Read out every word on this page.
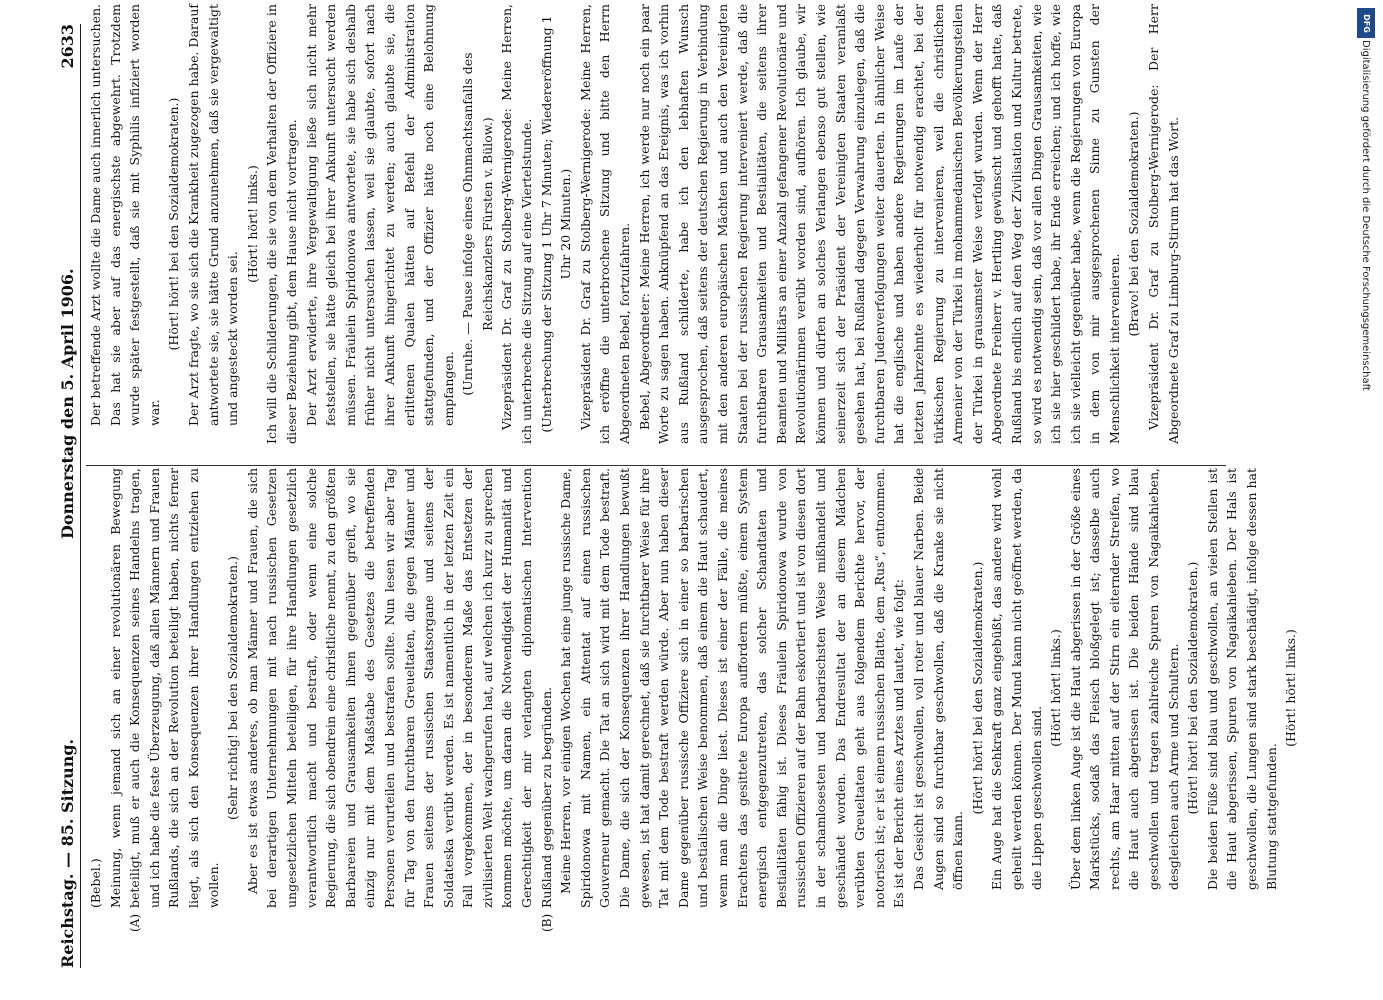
Reichstag. — 85. Sitzung.
Donnerstag den 5. April 1906.
2633
(A)	(B)

(Bebel.) Meinung, wenn jemand sich an einer revolutionären Bewegung beteiligt, muß er auch die Konsequenzen seines Handelns tragen, und ich habe die feste Überzeugung, daß allen Männern und Frauen Rußlands, die sich an der Revolution beteiligt haben, nichts ferner liegt, als sich den Konsequenzen ihrer Handlungen entziehen zu wollen.

(Sehr richtig! bei den Sozialdemokraten.) Aber es ist etwas anderes, ob man Männer und Frauen, die sich bei derartigen Unternehmungen mit nach russischen Gesetzen ungesetzlichen Mitteln beteiligen, für ihre Handlungen gesetzlich verantwortlich macht und bestraft, oder wenn eine solche Regierung, die sich obendrein eine christliche nennt, zu den größten Barbareien und Grausamkeiten ihnen gegenüber greift, wo sie einzig nur mit dem Maßstabe des Gesetzes die betreffenden Personen verurteilen und bestrafen sollte. Nun lesen wir aber Tag für Tag von den furchtbaren Greueltaten, die gegen Männer und Frauen seitens der russischen Staatsorgane und seitens der Soldateska verübt werden. Es ist namentlich in der letzten Zeit ein Fall vorgekommen, der in besonderem Maße das Entsetzen der zivilisierten Welt wachgerufen hat, auf welchen ich kurz zu sprechen kommen möchte, um daran die Notwendigkeit der Humanität und Gerechtigkeit der mir verlangten diplomatischen Intervention Rußland gegenüber zu begründen. Meine Herren, vor einigen Wochen hat eine junge russische Dame, Spiridonowa mit Namen, ein Attentat auf einen russischen Gouverneur gemacht. Die Tat an sich wird mit dem Tode bestraft. Die Dame, die sich der Konsequenzen ihrer Handlungen bewußt gewesen, ist hat damit gerechnet, daß sie furchtbarer Weise für ihre Tat mit dem Tode bestraft werden würde. Aber nun haben dieser Dame gegenüber russische Offiziere sich in einer so barbarischen und bestialischen Weise benommen, daß einem die Haut schaudert, wenn man die Dinge liest. Dieses ist einer der Fälle, die meines Erachtens das gesittete Europa auffordern müßte, einem System energisch entgegenzutreten, das solcher Schandtaten und Bestialitäten fähig ist. Dieses Fräulein Spiridonowa wurde von russischen Offizieren auf der Bahn eskortiert und ist von diesen dort in der schamlosesten und barbarischsten Weise mißhandelt und geschändet worden. Das Endresultat der an diesem Mädchen verübten Greueltaten geht aus folgendem Berichte hervor, der notorisch ist; er ist einem russischen Blatte, dem „Rus“, entnommen. Es ist der Bericht eines Arztes und lautet, wie folgt: Das Gesicht ist geschwollen, voll roter und blauer Narben. Beide Augen sind so furchtbar geschwollen, daß die Kranke sie nicht öffnen kann.

(Hört! hört! bei den Sozialdemokraten.) Ein Auge hat die Sehkraft ganz eingebüßt, das andere wird wohl geheilt werden können. Der Mund kann nicht geöffnet werden, da die Lippen geschwollen sind.

(Hört! hört! links.) Über dem linken Auge ist die Haut abgerissen in der Größe eines Markstücks, sodaß das Fleisch bloßgelegt ist; dasselbe auch rechts, am Haar mitten auf der Stirn ein eiternder Streifen, wo die Haut auch abgerissen ist. Die beiden Hände sind blau geschwollen und tragen zahlreiche Spuren von Nagaikahieben, desgleichen auch Arme und Schultern. (Hört! hört! bei den Sozialdemokraten.) Die beiden Füße sind blau und geschwollen, an vielen Stellen ist die Haut abgerissen, Spuren von Nagaikahieben. Der Hals ist geschwollen, die Lungen sind stark beschädigt, infolge dessen hat Blutung stattgefunden.

(Hört! hört! links.)

Der betreffende Arzt wollte die Dame auch innerlich untersuchen. Das hat sie aber auf das energischste abgewehrt. Trotzdem wurde später festgestellt, daß sie mit Syphilis infiziert worden war.

(Hört! hört! bei den Sozialdemokraten.) Der Arzt fragte, wo sie sich die Krankheit zugezogen habe. Darauf antwortete sie, sie hätte Grund anzunehmen, daß sie vergewaltigt und angesteckt worden sei.

(Hört! hört! links.) Ich will die Schilderungen, die sie von dem Verhalten der Offiziere in dieser Beziehung gibt, dem Hause nicht vortragen. Der Arzt erwiderte, ihre Vergewaltigung ließe sich nicht mehr feststellen, sie hätte gleich bei ihrer Ankunft untersucht werden müssen. Fräulein Spiridonowa antwortete, sie habe sich deshalb früher nicht untersuchen lassen, weil sie glaubte, sofort nach ihrer Ankunft hingerichtet zu werden; auch glaubte sie, die erlittenen Qualen hätten auf Befehl der Administration stattgefunden, und der Offizier hätte noch eine Belohnung empfangen. (Unruhe. — Pause infolge eines Ohnmachtsanfalls des Reichskanzlers Fürsten v. Bülow.) Vizepräsident Dr. Graf zu Stolberg-Wernigerode: Meine Herren, ich unterbreche die Sitzung auf eine Viertelstunde. (Unterbrechung der Sitzung 1 Uhr 7 Minuten; Wiedereröffnung 1 Uhr 20 Minuten.) Vizepräsident Dr. Graf zu Stolberg-Wernigerode: Meine Herren, ich eröffne die unterbrochene Sitzung und bitte den Herrn Abgeordneten Bebel, fortzufahren. Bebel, Abgeordneter: Meine Herren, ich werde nur noch ein paar Worte zu sagen haben. Anknüpfend an das Ereignis, was ich vorhin aus Rußland schilderte, habe ich den lebhaften Wunsch ausgesprochen, daß seitens der deutschen Regierung in Verbindung mit den anderen europäischen Mächten und auch den Vereinigten Staaten bei der russischen Regierung interveniert werde, daß die furchtbaren Grausamkeiten und Bestialitäten, die seitens ihrer Beamten und Militärs an einer Anzahl gefangener Revolutionäre und Revolutionärinnen verübt worden sind, aufhören. Ich glaube, wir können und dürfen an solches Verlangen ebenso gut stellen, wie seinerzeit sich der Präsident der Vereinigten Staaten veranlaßt gesehen hat, bei Rußland dagegen Verwahrung einzulegen, daß die furchtbaren Judenverfolgungen weiter dauerten. In ähnlicher Weise hat die englische und haben andere Regierungen im Laufe der letzten Jahrzehnte es wiederholt für notwendig erachtet, bei der türkischen Regierung zu intervenieren, weil die christlichen Armenier von der Türkei in mohammedanischen Bevölkerungsteilen der Türkei in grausamster Weise verfolgt wurden. Wenn der Herr Abgeordnete Freiherr v. Hertling gewünscht und gehofft hatte, daß Rußland bis endlich auf den Weg der Zivilisation und Kultur betrete, so wird es notwendig sein, daß vor allen Dingen Grausamkeiten, wie ich sie hier geschildert habe, ihr Ende erreichen; und ich hoffe, wie ich sie vielleicht gegenüber habe, wenn die Regierungen von Europa in dem von mir ausgesprochenen Sinne zu Gunsten der Menschlichkeit intervenieren.

(Bravo! bei den Sozialdemokraten.) Vizepräsident Dr. Graf zu Stolberg-Wernigerode: Der Herr Abgeordnete Graf zu Limburg-Stirum hat das Wort.

DFG
Digitalisierung gefördert durch die Deutsche Forschungsgemeinschaft
